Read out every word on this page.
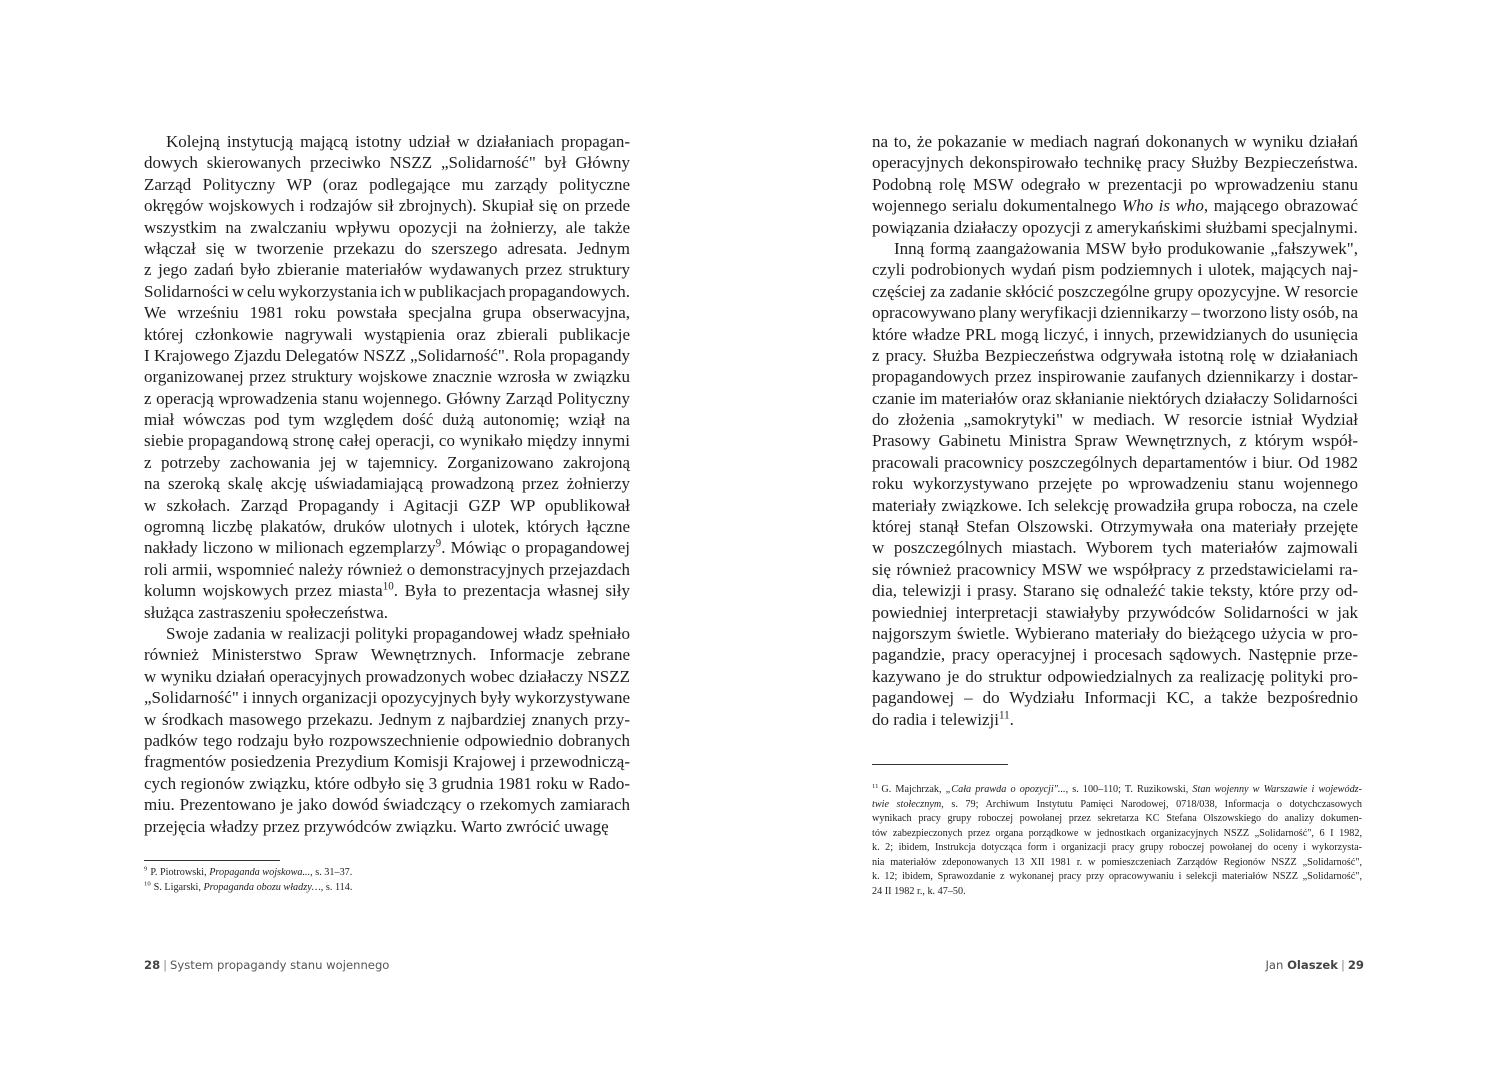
Kolejną instytucją mającą istotny udział w działaniach propagan-
dowych skierowanych przeciwko NSZZ „Solidarność" był Główny
Zarząd Polityczny WP (oraz podlegające mu zarządy polityczne
okręgów wojskowych i rodzajów sił zbrojnych). Skupiał się on przede
wszystkim na zwalczaniu wpływu opozycji na żołnierzy, ale także
włączał się w tworzenie przekazu do szerszego adresata. Jednym
z jego zadań było zbieranie materiałów wydawanych przez struktury
Solidarności w celu wykorzystania ich w publikacjach propagandowych.
We wrześniu 1981 roku powstała specjalna grupa obserwacyjna,
której członkowie nagrywali wystąpienia oraz zbierali publikacje
I Krajowego Zjazdu Delegatów NSZZ „Solidarność". Rola propagandy
organizowanej przez struktury wojskowe znacznie wzrosła w związku
z operacją wprowadzenia stanu wojennego. Główny Zarząd Polityczny
miał wówczas pod tym względem dość dużą autonomię; wziął na
siebie propagandową stronę całej operacji, co wynikało między innymi
z potrzeby zachowania jej w tajemnicy. Zorganizowano zakrojoną
na szeroką skalę akcję uświadamiającą prowadzoną przez żołnierzy
w szkołach. Zarząd Propagandy i Agitacji GZP WP opublikował
ogromną liczbę plakatów, druków ulotnych i ulotek, których łączne
nakłady liczono w milionach egzemplarzy$^9$. Mówiąc o propagandowej
roli armii, wspomnieć należy również o demonstracyjnych przejazdach
kolumn wojskowych przez miasta$^{10}$. Była to prezentacja własnej siły
służąca zastraszeniu społeczeństwa.
Swoje zadania w realizacji polityki propagandowej władz spełniało
również Ministerstwo Spraw Wewnętrznych. Informacje zebrane
w wyniku działań operacyjnych prowadzonych wobec działaczy NSZZ
„Solidarność" i innych organizacji opozycyjnych były wykorzystywane
w środkach masowego przekazu. Jednym z najbardziej znanych przy-
padków tego rodzaju było rozpowszechnienie odpowiednio dobranych
fragmentów posiedzenia Prezydium Komisji Krajowej i przewodniczą-
cych regionów związku, które odbyło się 3 grudnia 1981 roku w Rado-
miu. Prezentowano je jako dowód świadczący o rzekomych zamiarach
przejęcia władzy przez przywódców związku. Warto zwrócić uwagę
$^9$ P. Piotrowski, Propaganda wojskowa..., s. 31–37.
$^{10}$ S. Ligarski, Propaganda obozu władzy…, s. 114.
28 | System propagandy stanu wojennego
na to, że pokazanie w mediach nagrań dokonanych w wyniku działań
operacyjnych dekonspirowało technikę pracy Służby Bezpieczeństwa.
Podobną rolę MSW odegrało w prezentacji po wprowadzeniu stanu
wojennego serialu dokumentalnego Who is who, mającego obrazować
powiązania działaczy opozycji z amerykańskimi służbami specjalnymi.
Inną formą zaangażowania MSW było produkowanie „fałszywek",
czyli podrobionych wydań pism podziemnych i ulotek, mających naj-
częściej za zadanie skłócić poszczególne grupy opozycyjne. W resorcie
opracowywano plany weryfikacji dziennikarzy – tworzono listy osób, na
które władze PRL mogą liczyć, i innych, przewidzianych do usunięcia
z pracy. Służba Bezpieczeństwa odgrywała istotną rolę w działaniach
propagandowych przez inspirowanie zaufanych dziennikarzy i dostar-
czanie im materiałów oraz skłanianie niektórych działaczy Solidarności
do złożenia „samokrytyki" w mediach. W resorcie istniał Wydział
Prasowy Gabinetu Ministra Spraw Wewnętrznych, z którym współ-
pracowali pracownicy poszczególnych departamentów i biur. Od 1982
roku wykorzystywano przejęte po wprowadzeniu stanu wojennego
materiały związkowe. Ich selekcję prowadziła grupa robocza, na czele
której stanął Stefan Olszowski. Otrzymywała ona materiały przejęte
w poszczególnych miastach. Wyborem tych materiałów zajmowali
się również pracownicy MSW we współpracy z przedstawicielami ra-
dia, telewizji i prasy. Starano się odnaleźć takie teksty, które przy od-
powiedniej interpretacji stawiałyby przywódców Solidarności w jak
najgorszym świetle. Wybierano materiały do bieżącego użycia w pro-
pagandzie, pracy operacyjnej i procesach sądowych. Następnie prze-
kazywano je do struktur odpowiedzialnych za realizację polityki pro-
pagandowej – do Wydziału Informacji KC, a także bezpośrednio
do radia i telewizji$^{11}$.
$^{11}$ G. Majchrzak, „Cała prawda o opozycji"..., s. 100–110; T. Ruzikowski, Stan wojenny w Warszawie i wojewódz-
twie stołecznym, s. 79; Archiwum Instytutu Pamięci Narodowej, 0718/038, Informacja o dotychczasowych
wynikach pracy grupy roboczej powołanej przez sekretarza KC Stefana Olszowskiego do analizy dokumen-
tów zabezpieczonych przez organa porządkowe w jednostkach organizacyjnych NSZZ „Solidarność", 6 I 1982,
k. 2; ibidem, Instrukcja dotycząca form i organizacji pracy grupy roboczej powołanej do oceny i wykorzysta-
nia materiałów zdeponowanych 13 XII 1981 r. w pomieszczeniach Zarządów Regionów NSZZ „Solidarność",
k. 12; ibidem, Sprawozdanie z wykonanej pracy przy opracowywaniu i selekcji materiałów NSZZ „Solidarność",
24 II 1982 r., k. 47–50.
Jan Olaszek | 29
